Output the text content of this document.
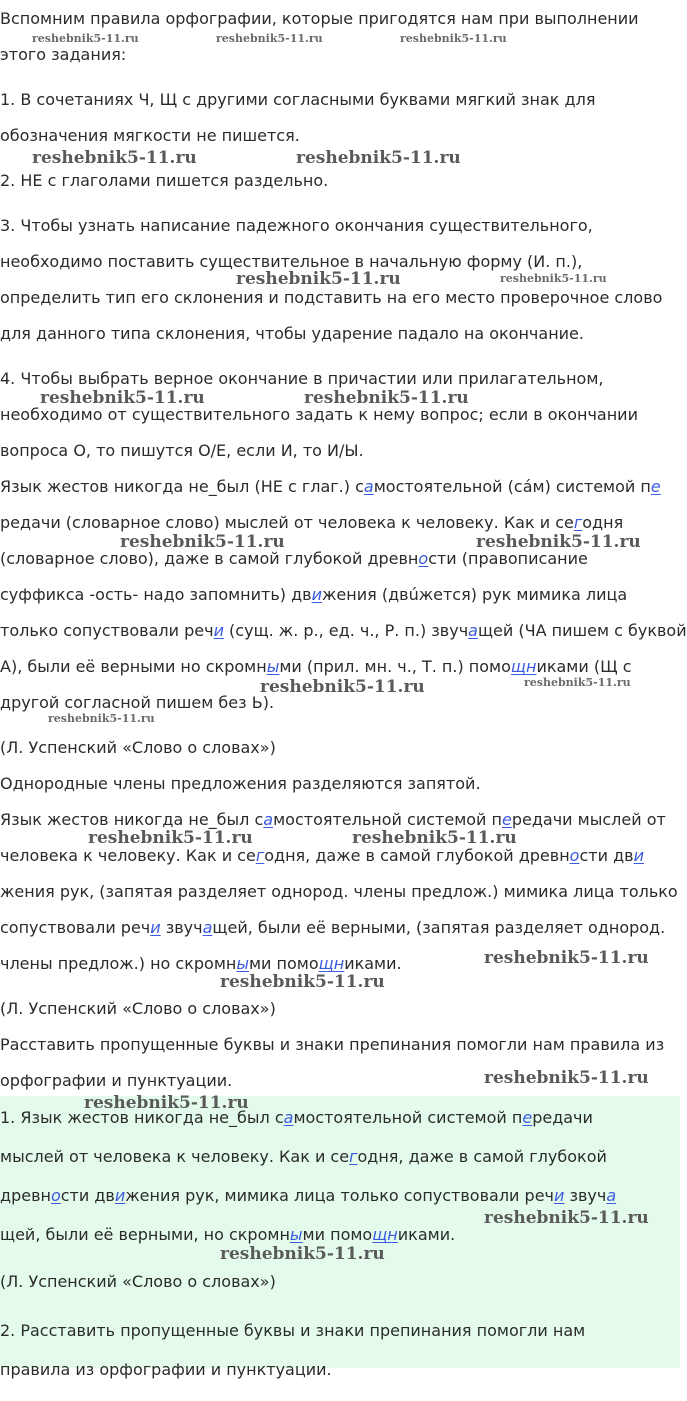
Вспомним правила орфографии, которые пригодятся нам при выполнении
этого задания:
1. В сочетаниях Ч, Щ с другими согласными буквами мягкий знак для
обозначения мягкости не пишется.
2. НЕ с глаголами пишется раздельно.
3. Чтобы узнать написание падежного окончания существительного,
необходимо поставить существительное в начальную форму (И. п.),
определить тип его склонения и подставить на его место проверочное слово
для данного типа склонения, чтобы ударение падало на окончание.
4. Чтобы выбрать верное окончание в причастии или прилагательном,
необходимо от существительного задать к нему вопрос; если в окончании
вопроса О, то пишутся О/Е, если И, то И/Ы.
Язык жестов никогда не_был (НЕ с глаг.) самостоятельной (сáм) системой пе
редачи (словарное слово) мыслей от человека к человеку. Как и сегодня
(словарное слово), даже в самой глубокой древности (правописание
суффикса -ость- надо запомнить) движения (двúжется) рук мимика лица
только сопуствовали речи (сущ. ж. р., ед. ч., Р. п.) звучащей (ЧА пишем с буквой
А), были её верными но скромными (прил. мн. ч., Т. п.) помощниками (Щ с
другой согласной пишем без Ь).
(Л. Успенский «Слово о словах»)
Однородные члены предложения разделяются запятой.
Язык жестов никогда не_был самостоятельной системой передачи мыслей от
человека к человеку. Как и сегодня, даже в самой глубокой древности дви
жения рук, (запятая разделяет однород. члены предлож.) мимика лица только
сопуствовали речи звучащей, были её верными, (запятая разделяет однород.
члены предлож.) но скромными помощниками.
(Л. Успенский «Слово о словах»)
Расставить пропущенные буквы и знаки препинания помогли нам правила из
орфографии и пунктуации.
1. Язык жестов никогда не_был самостоятельной системой передачи
мыслей от человека к человеку. Как и сегодня, даже в самой глубокой
древности движения рук, мимика лица только сопуствовали речи звуча
щей, были её верными, но скромными помощниками.
(Л. Успенский «Слово о словах»)
2. Расставить пропущенные буквы и знаки препинания помогли нам
правила из орфографии и пунктуации.
reshebnik5-11.ru	reshebnik5-11.ru	reshebnik5-11.ru
reshebnik5-11.ru	reshebnik5-11.ru
reshebnik5-11.ru	reshebnik5-11.ru
reshebnik5-11.ru	reshebnik5-11.ru
reshebnik5-11.ru	reshebnik5-11.ru
reshebnik5-11.ru	reshebnik5-11.ru
reshebnik5-11.ru
reshebnik5-11.ru	reshebnik5-11.ru
reshebnik5-11.ru
reshebnik5-11.ru
reshebnik5-11.ru
reshebnik5-11.ru
reshebnik5-11.ru
reshebnik5-11.ru
